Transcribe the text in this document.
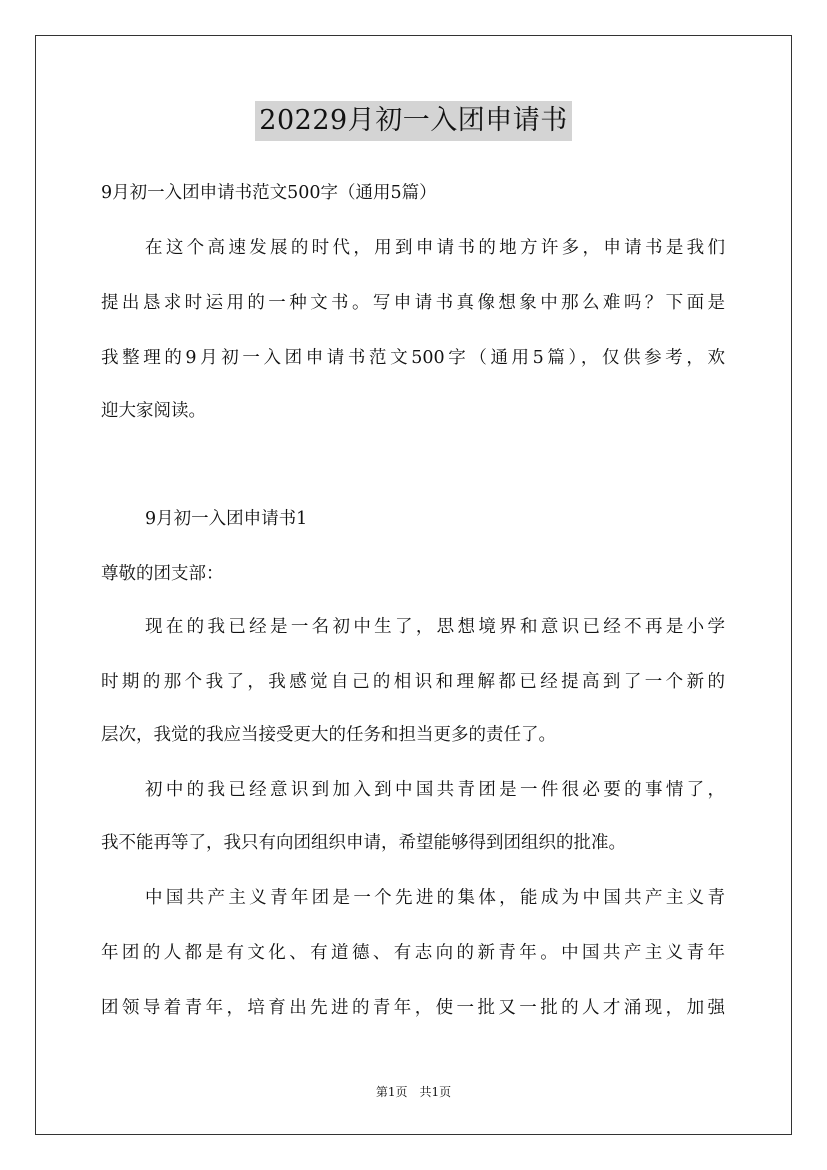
20229月初一入团申请书
9月初一入团申请书范文500字（通用5篇）
在这个高速发展的时代，用到申请书的地方许多，申请书是我们
提出恳求时运用的一种文书。写申请书真像想象中那么难吗？下面是
我整理的9月初一入团申请书范文500字（通用5篇），仅供参考，欢
迎大家阅读。
9月初一入团申请书1
尊敬的团支部：
现在的我已经是一名初中生了，思想境界和意识已经不再是小学
时期的那个我了，我感觉自己的相识和理解都已经提高到了一个新的
层次，我觉的我应当接受更大的任务和担当更多的责任了。
初中的我已经意识到加入到中国共青团是一件很必要的事情了，
我不能再等了，我只有向团组织申请，希望能够得到团组织的批准。
中国共产主义青年团是一个先进的集体，能成为中国共产主义青
年团的人都是有文化、有道德、有志向的新青年。中国共产主义青年
团领导着青年，培育出先进的青年，使一批又一批的人才涌现，加强
第1页　共1页
